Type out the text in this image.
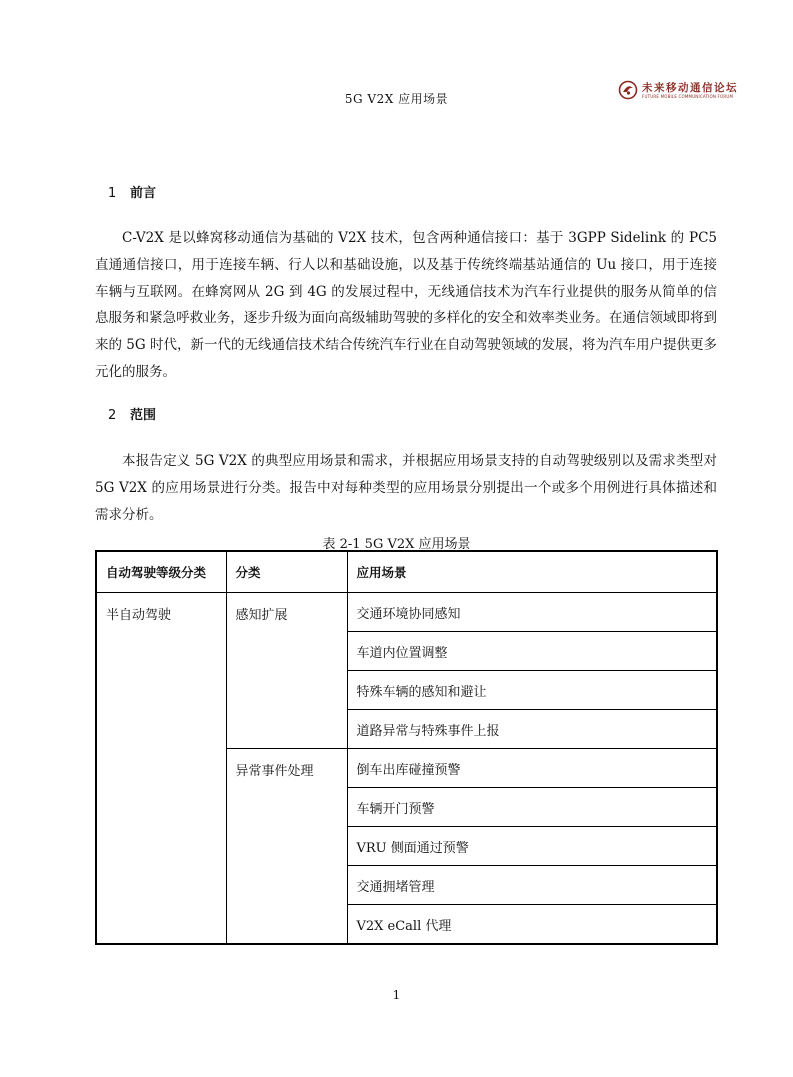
5G V2X 应用场景
未来移动通信论坛
FUTURE MOBILE COMMUNICATION FORUM
1 前言

C-V2X 是以蜂窝移动通信为基础的 V2X 技术，包含两种通信接口：基于 3GPP Sidelink 的 PC5 直通通信接口，用于连接车辆、行人以和基础设施，以及基于传统终端基站通信的 Uu 接口，用于连接车辆与互联网。在蜂窝网从 2G 到 4G 的发展过程中，无线通信技术为汽车行业提供的服务从简单的信息服务和紧急呼救业务，逐步升级为面向高级辅助驾驶的多样化的安全和效率类业务。在通信领域即将到来的 5G 时代，新一代的无线通信技术结合传统汽车行业在自动驾驶领域的发展，将为汽车用户提供更多元化的服务。

2 范围

本报告定义 5G V2X 的典型应用场景和需求，并根据应用场景支持的自动驾驶级别以及需求类型对 5G V2X 的应用场景进行分类。报告中对每种类型的应用场景分别提出一个或多个用例进行具体描述和需求分析。

表 2-1 5G V2X 应用场景
自动驾驶等级分类	分类	应用场景
半自动驾驶	感知扩展	交通环境协同感知
		车道内位置调整
		特殊车辆的感知和避让
		道路异常与特殊事件上报
	异常事件处理	倒车出库碰撞预警
		车辆开门预警
		VRU 侧面通过预警
		交通拥堵管理
		V2X eCall 代理
1
